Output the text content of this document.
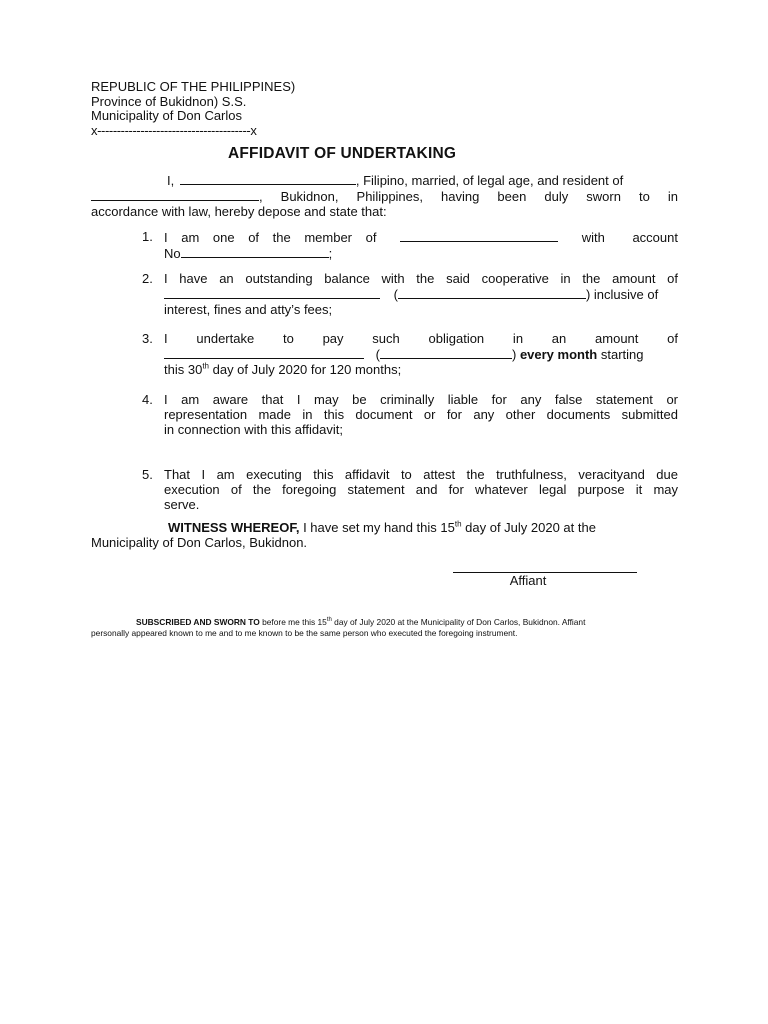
REPUBLIC OF THE PHILIPPINES)
Province of Bukidnon) S.S.
Municipality of Don Carlos
x---------------------------------------x
AFFIDAVIT OF UNDERTAKING
I,	, Filipino, married, of legal age, and resident of
, Bukidnon, Philippines, having been duly sworn to in
accordance with law, hereby depose and state that:
1. I am one of the member of	with account
No	;
2. I have an outstanding balance with the said cooperative in the amount of
(	) inclusive of
interest, fines and atty’s fees;
3. I undertake to pay such obligation in an amount of
(	) every month starting
this 30th day of July 2020 for 120 months;
4. I am aware that I may be criminally liable for any false statement or
representation made in this document or for any other documents submitted
in connection with this affidavit;
5. That I am executing this affidavit to attest the truthfulness, veracityand due
execution of the foregoing statement and for whatever legal purpose it may
serve.
WITNESS WHEREOF, I have set my hand this 15th day of July 2020 at the
Municipality of Don Carlos, Bukidnon.
Affiant
SUBSCRIBED AND SWORN TO before me this 15th day of July 2020 at the Municipality of Don Carlos, Bukidnon. Affiant
personally appeared known to me and to me known to be the same person who executed the foregoing instrument.
